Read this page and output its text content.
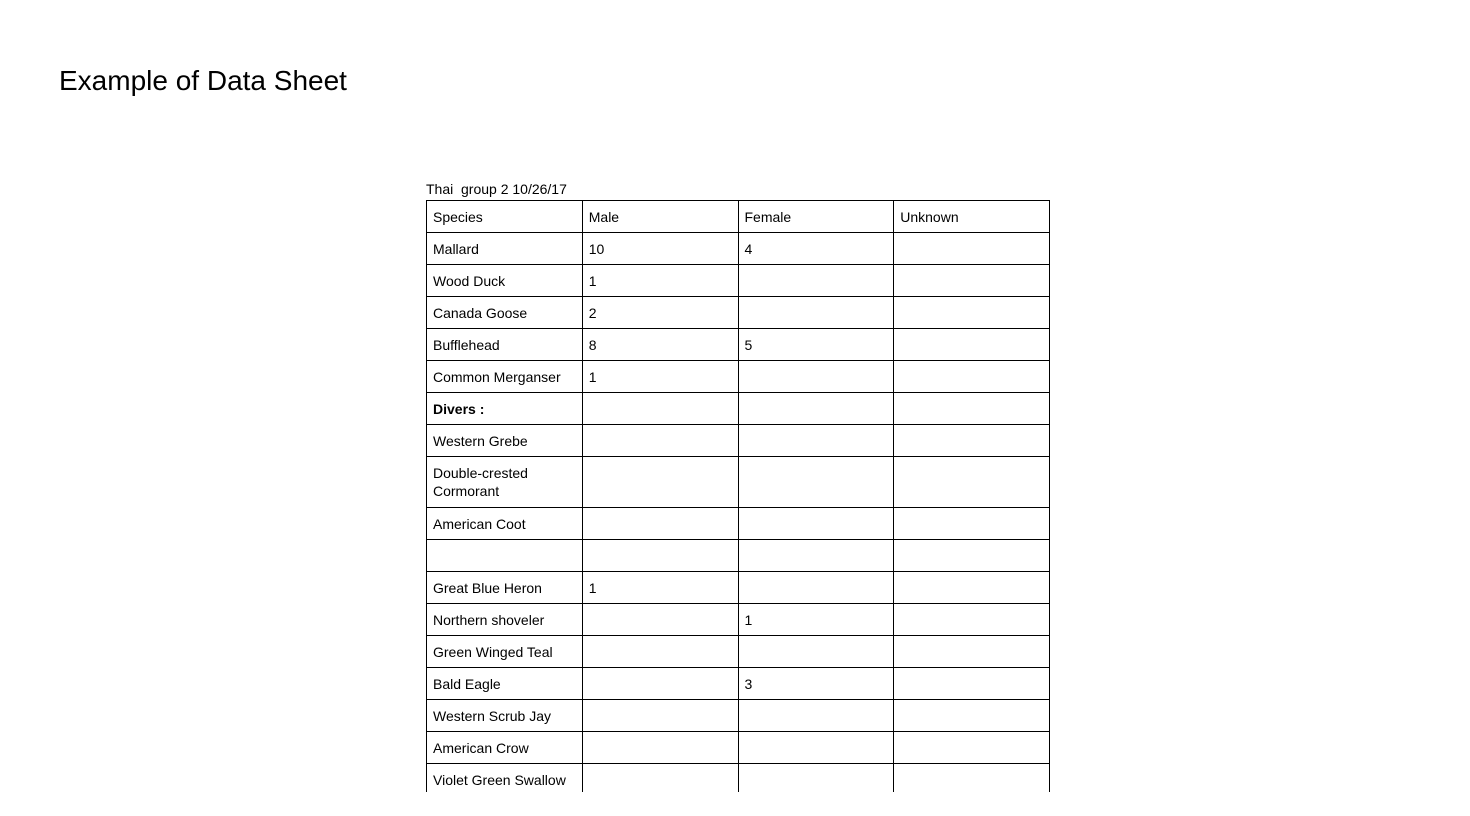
Example of Data Sheet
Thai  group 2 10/26/17
Species	Male	Female	Unknown
Mallard	10	4	
Wood Duck	1		
Canada Goose	2		
Bufflehead	8	5	
Common Merganser	1		
Divers :			
Western Grebe			
Double-crested Cormorant			
American Coot			

Great Blue Heron	1		
Northern shoveler		1	
Green Winged Teal			
Bald Eagle		3	
Western Scrub Jay			
American Crow			
Violet Green Swallow			
